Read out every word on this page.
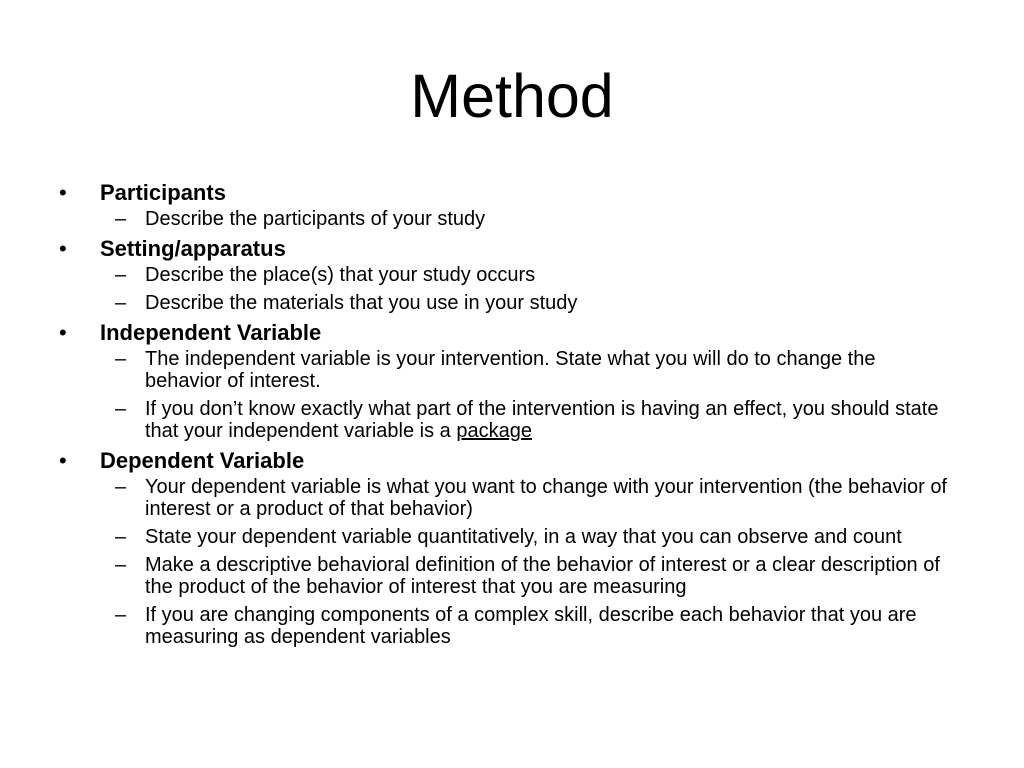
Method
• Participants
– Describe the participants of your study
• Setting/apparatus
– Describe the place(s) that your study occurs
– Describe the materials that you use in your study
• Independent Variable
– The independent variable is your intervention. State what you will do to change the behavior of interest.
– If you don’t know exactly what part of the intervention is having an effect, you should state that your independent variable is a package
• Dependent Variable
– Your dependent variable is what you want to change with your intervention (the behavior of interest or a product of that behavior)
– State your dependent variable quantitatively, in a way that you can observe and count
– Make a descriptive behavioral definition of the behavior of interest or a clear description of the product of the behavior of interest that you are measuring
– If you are changing components of a complex skill, describe each behavior that you are measuring as dependent variables
